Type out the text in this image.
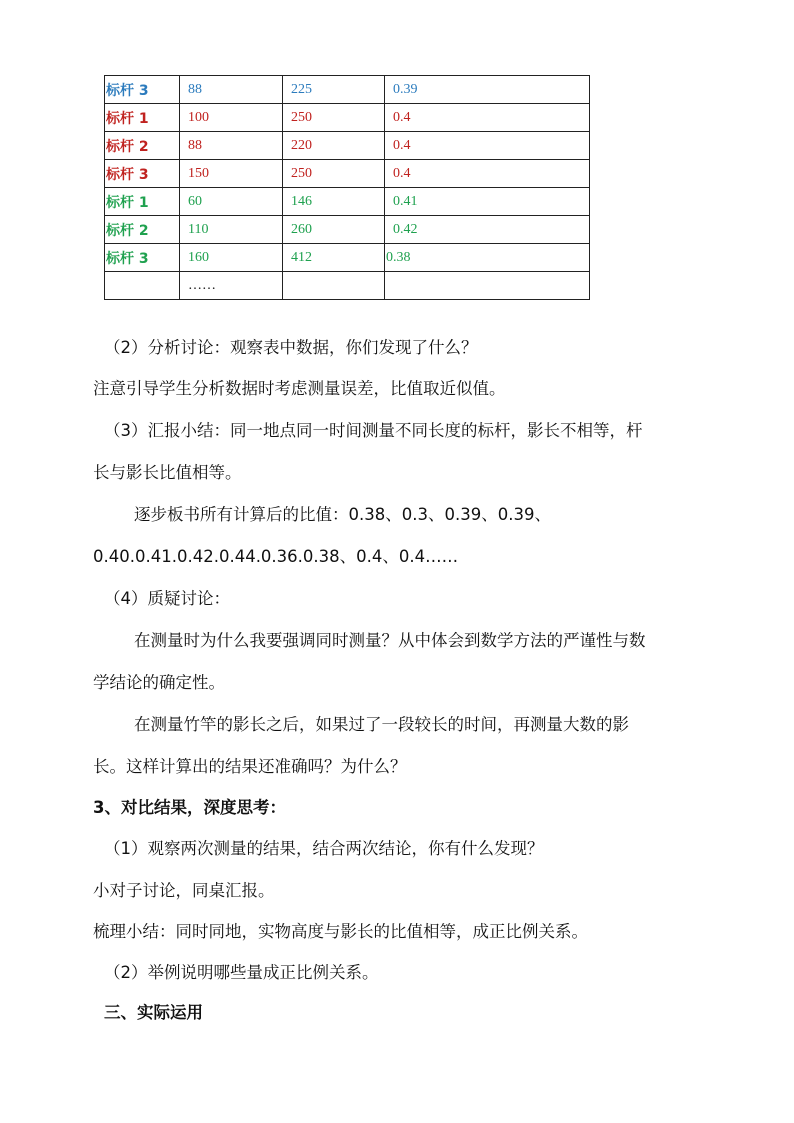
标杆 3	88	225	0.39
标杆 1	100	250	0.4
标杆 2	88	220	0.4
标杆 3	150	250	0.4
标杆 1	60	146	0.41
标杆 2	110	260	0.42
标杆 3	160	412	0.38
	……		
（2）分析讨论：观察表中数据，你们发现了什么？
注意引导学生分析数据时考虑测量误差，比值取近似值。
（3）汇报小结：同一地点同一时间测量不同长度的标杆，影长不相等，杆
长与影长比值相等。
逐步板书所有计算后的比值：0.38、0.3、0.39、0.39、
0.40.0.41.0.42.0.44.0.36.0.38、0.4、0.4……
（4）质疑讨论：
在测量时为什么我要强调同时测量？从中体会到数学方法的严谨性与数
学结论的确定性。
在测量竹竿的影长之后，如果过了一段较长的时间，再测量大数的影
长。这样计算出的结果还准确吗？为什么？
3、对比结果，深度思考：
（1）观察两次测量的结果，结合两次结论，你有什么发现？
小对子讨论，同桌汇报。
梳理小结：同时同地，实物高度与影长的比值相等，成正比例关系。
（2）举例说明哪些量成正比例关系。
三、实际运用
